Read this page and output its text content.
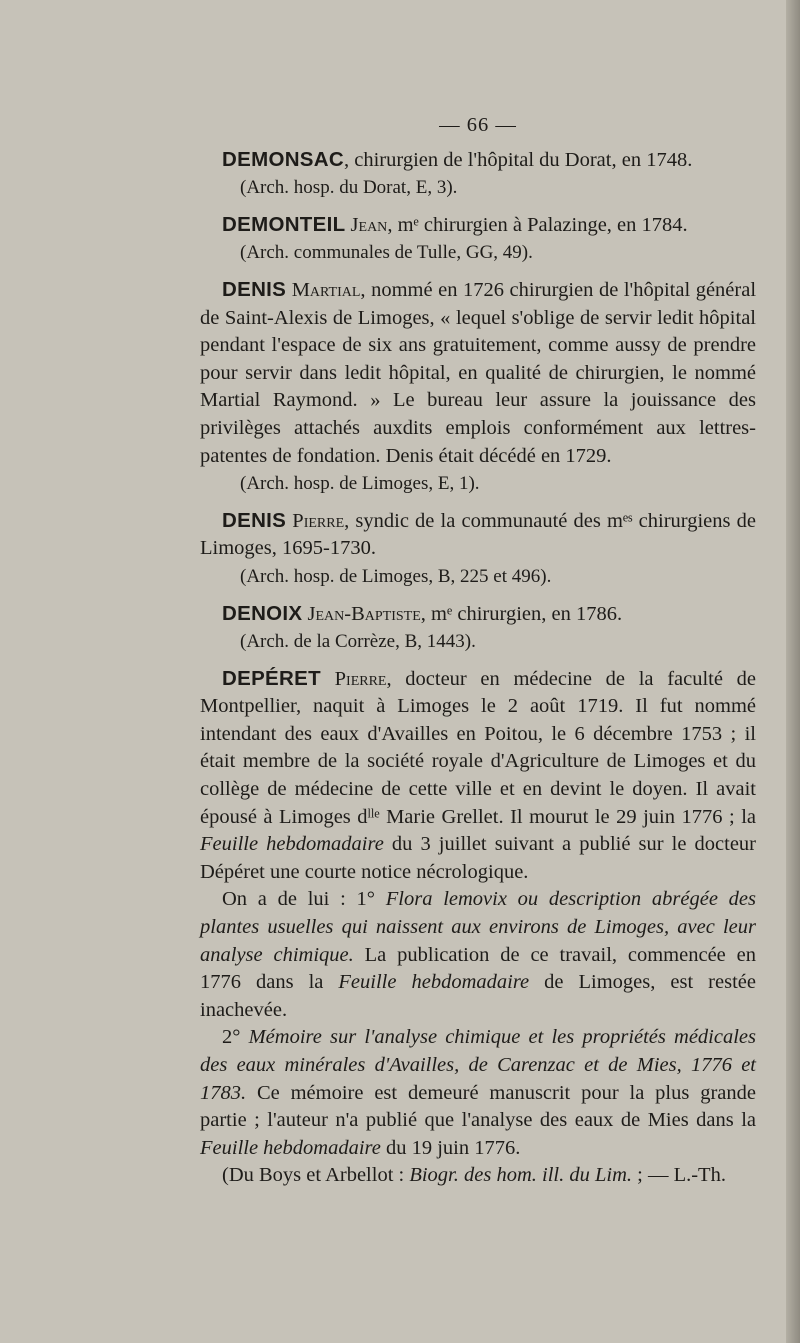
— 66 —

DEMONSAC, chirurgien de l'hôpital du Dorat, en 1748.

(Arch. hosp. du Dorat, E, 3).

DEMONTEIL Jean, mᵉ chirurgien à Palazinge, en 1784.

(Arch. communales de Tulle, GG, 49).

DENIS Martial, nommé en 1726 chirurgien de l'hôpital général de Saint-Alexis de Limoges, « lequel s'oblige de servir ledit hôpital pendant l'espace de six ans gratuitement, comme aussy de prendre pour servir dans ledit hôpital, en qualité de chirurgien, le nommé Martial Raymond. » Le bureau leur assure la jouissance des privilèges attachés auxdits emplois conformément aux lettres-patentes de fondation. Denis était décédé en 1729.

(Arch. hosp. de Limoges, E, 1).

DENIS Pierre, syndic de la communauté des mᵉˢ chirurgiens de Limoges, 1695-1730.

(Arch. hosp. de Limoges, B, 225 et 496).

DENOIX Jean-Baptiste, mᵉ chirurgien, en 1786.

(Arch. de la Corrèze, B, 1443).

DEPÉRET Pierre, docteur en médecine de la faculté de Montpellier, naquit à Limoges le 2 août 1719. Il fut nommé intendant des eaux d'Availles en Poitou, le 6 décembre 1753 ; il était membre de la société royale d'Agriculture de Limoges et du collège de médecine de cette ville et en devint le doyen. Il avait épousé à Limoges dˡˡᵉ Marie Grellet. Il mourut le 29 juin 1776 ; la Feuille hebdomadaire du 3 juillet suivant a publié sur le docteur Dépéret une courte notice nécrologique.

On a de lui : 1° Flora lemovix ou description abrégée des plantes usuelles qui naissent aux environs de Limoges, avec leur analyse chimique. La publication de ce travail, commencée en 1776 dans la Feuille hebdomadaire de Limoges, est restée inachevée.

2° Mémoire sur l'analyse chimique et les propriétés médicales des eaux minérales d'Availles, de Carenzac et de Mies, 1776 et 1783. Ce mémoire est demeuré manuscrit pour la plus grande partie ; l'auteur n'a publié que l'analyse des eaux de Mies dans la Feuille hebdomadaire du 19 juin 1776.

(Du Boys et Arbellot : Biogr. des hom. ill. du Lim. ; — L.-Th.
